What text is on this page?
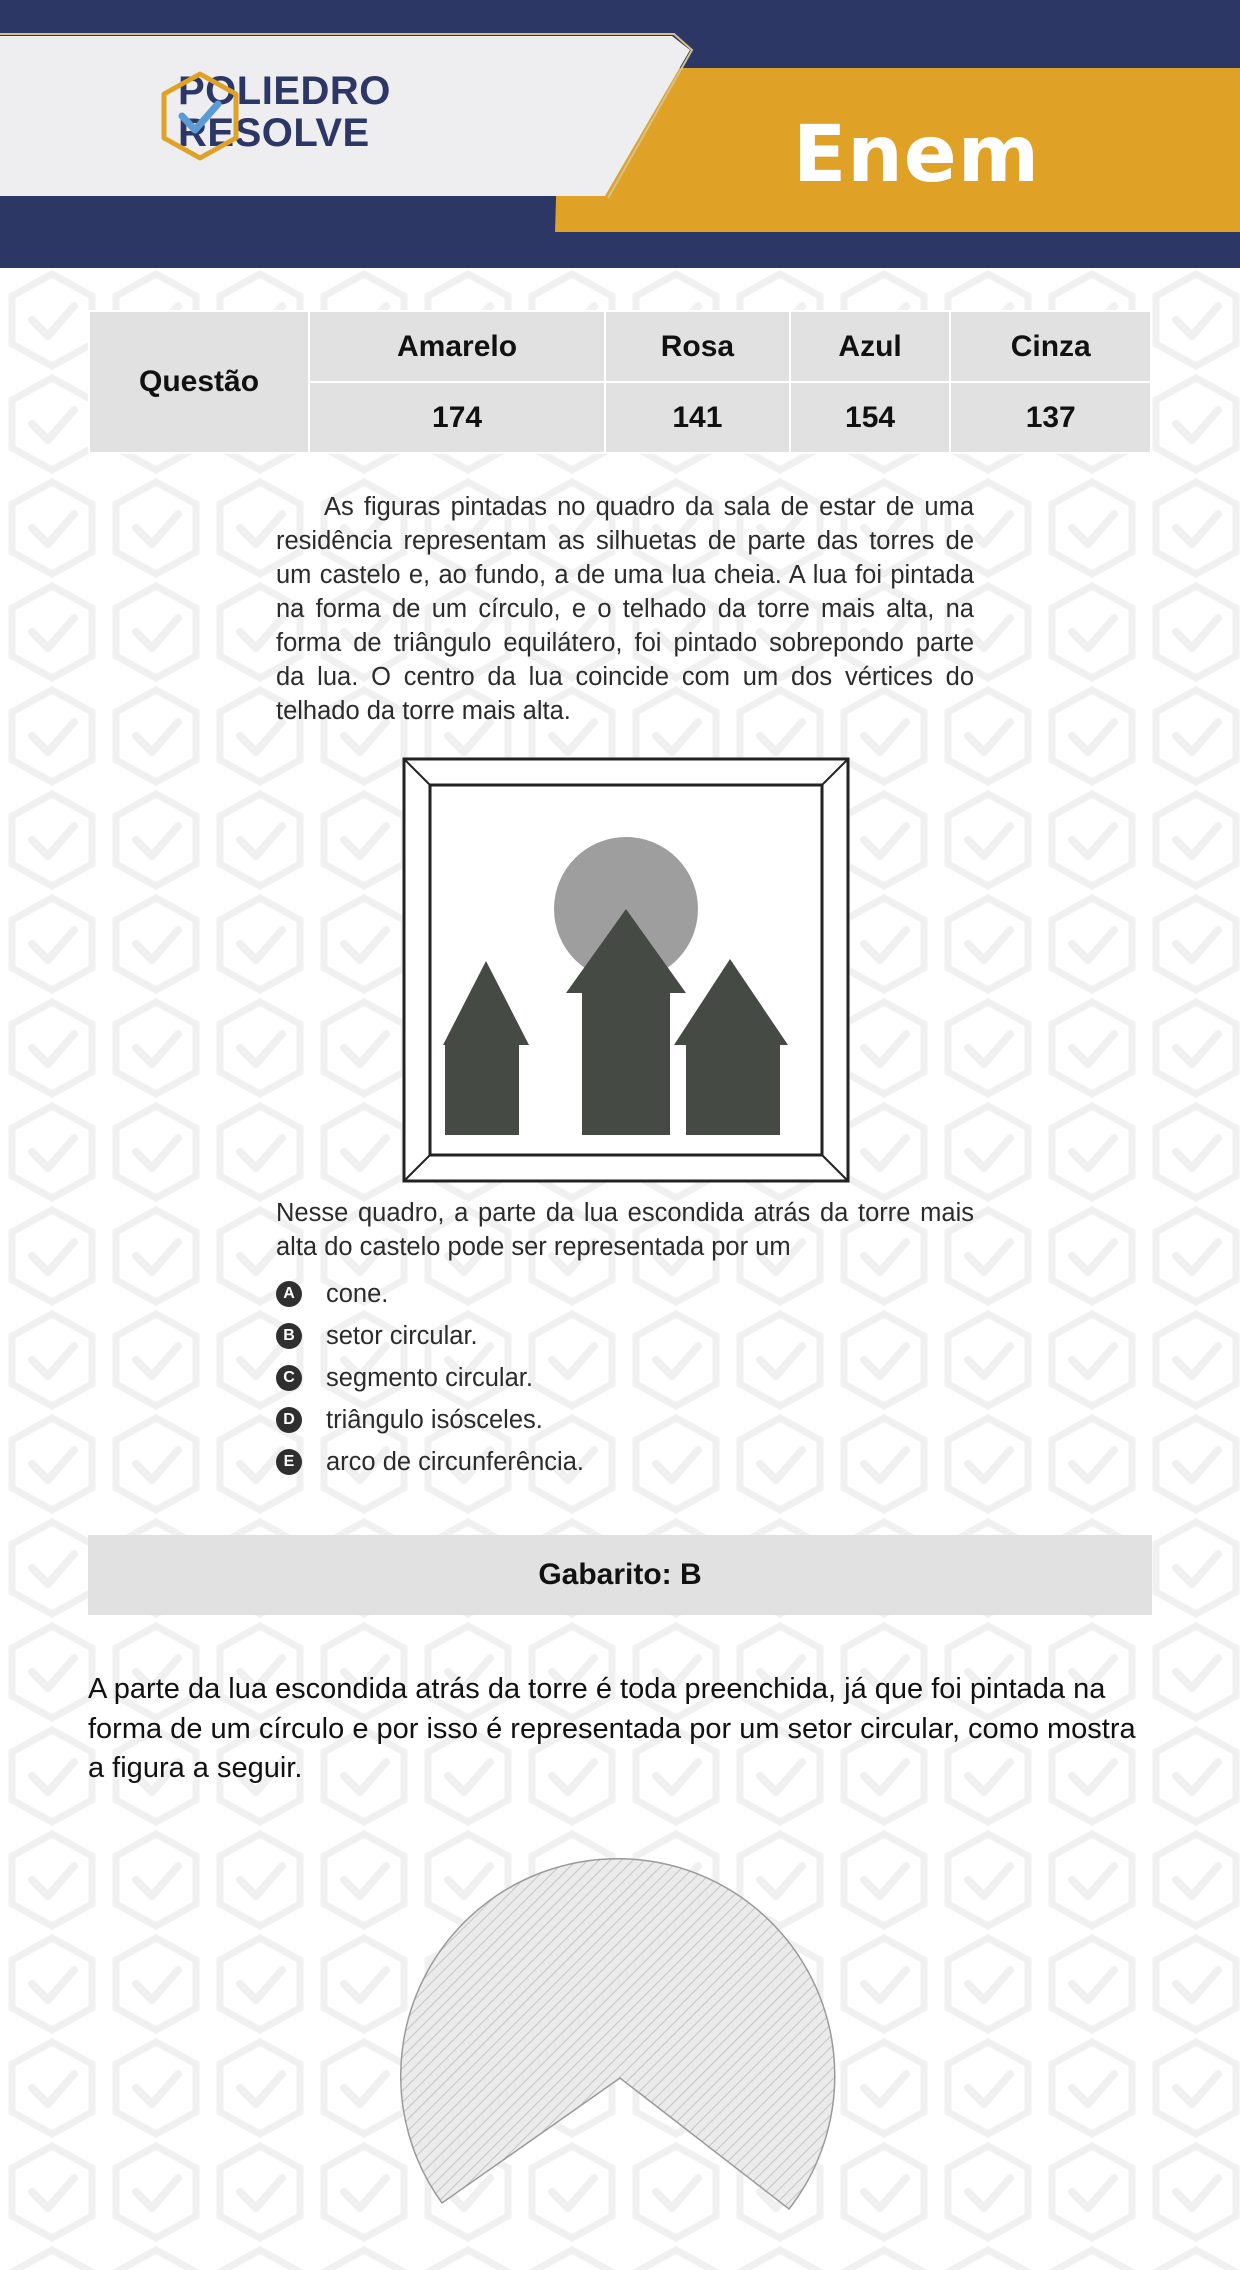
POLIEDRO
RESOLVE	Enem
Questão	Amarelo	Rosa	Azul	Cinza
	174	141	154	137

As figuras pintadas no quadro da sala de estar de uma residência representam as silhuetas de parte das torres de um castelo e, ao fundo, a de uma lua cheia. A lua foi pintada na forma de um círculo, e o telhado da torre mais alta, na forma de triângulo equilátero, foi pintado sobrepondo parte da lua. O centro da lua coincide com um dos vértices do telhado da torre mais alta.

Nesse quadro, a parte da lua escondida atrás da torre mais alta do castelo pode ser representada por um

A cone.
B setor circular.
C segmento circular.
D triângulo isósceles.
E	arco de circunferência.
Gabarito: B

A parte da lua escondida atrás da torre é toda preenchida, já que foi pintada na forma de um círculo e por isso é representada por um setor circular, como mostra a figura a seguir.
